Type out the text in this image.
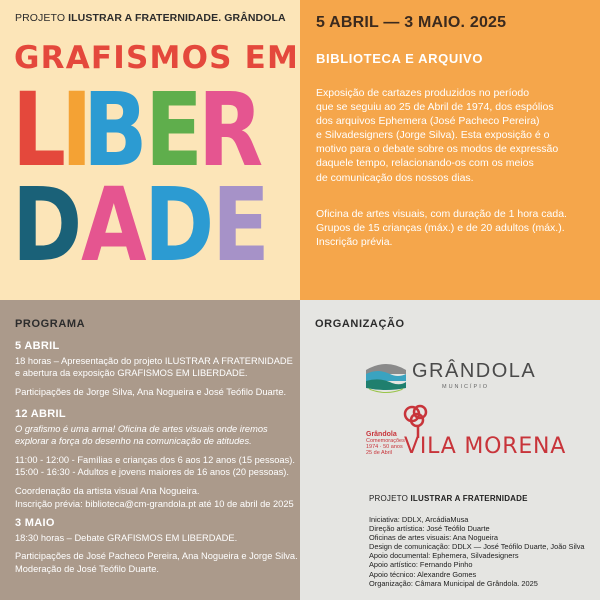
PROJETO ILUSTRAR A FRATERNIDADE. GRÂNDOLA
GRAFISMOS EM
LIBER
DADE
5 ABRIL — 3 MAIO. 2025
BIBLIOTECA E ARQUIVO
Exposição de cartazes produzidos no período
que se seguiu ao 25 de Abril de 1974, dos espólios
dos arquivos Ephemera (José Pacheco Pereira)
e Silvadesigners (Jorge Silva). Esta exposição é o
motivo para o debate sobre os modos de expressão
daquele tempo, relacionando-os com os meios
de comunicação dos nossos dias.
Oficina de artes visuais, com duração de 1 hora cada.
Grupos de 15 crianças (máx.) e de 20 adultos (máx.).
Inscrição prévia.
PROGRAMA
5 ABRIL
18 horas – Apresentação do projeto ILUSTRAR A FRATERNIDADE
e abertura da exposição GRAFISMOS EM LIBERDADE.
Participações de Jorge Silva, Ana Nogueira e José Teófilo Duarte.
12 ABRIL
O grafismo é uma arma! Oficina de artes visuais onde iremos
explorar a força do desenho na comunicação de atitudes.
11:00 - 12:00 - Famílias e crianças dos 6 aos 12 anos (15 pessoas).
15:00 - 16:30 - Adultos e jovens maiores de 16 anos (20 pessoas).
Coordenação da artista visual Ana Nogueira.
Inscrição prévia: biblioteca@cm-grandola.pt até 10 de abril de 2025
3 MAIO
18:30 horas – Debate GRAFISMOS EM LIBERDADE.
Participações de José Pacheco Pereira, Ana Nogueira e Jorge Silva.
Moderação de José Teófilo Duarte.
ORGANIZAÇÃO
GRÂNDOLA
MUNICÍPIO
Grândola
Comemorações
1974 · 50 anos
25 de Abril VILA MORENA
PROJETO ILUSTRAR A FRATERNIDADE
Iniciativa: DDLX, ArcádiaMusa
Direção artística: José Teófilo Duarte
Oficinas de artes visuais: Ana Nogueira
Design de comunicação: DDLX — José Teófilo Duarte, João Silva
Apoio documental: Ephemera, Silvadesigners
Apoio artístico: Fernando Pinho
Apoio técnico: Alexandre Gomes
Organização: Câmara Municipal de Grândola. 2025
